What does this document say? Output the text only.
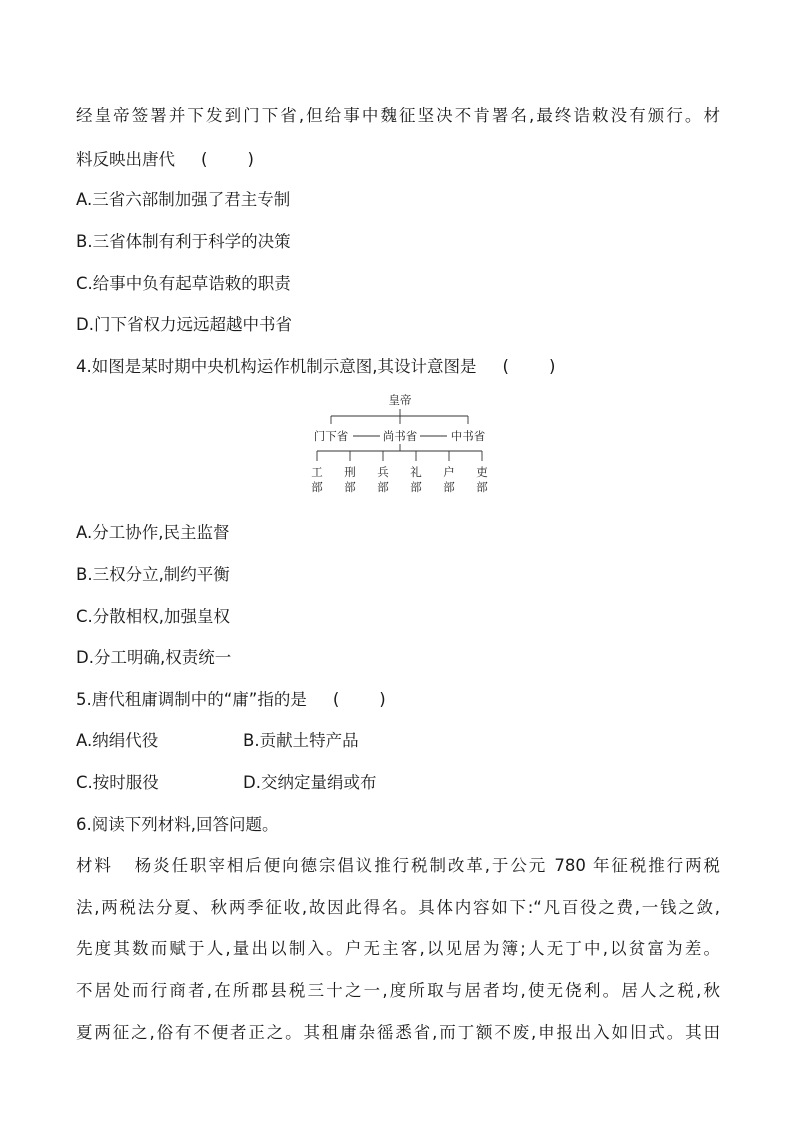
经皇帝签署并下发到门下省,但给事中魏征坚决不肯署名,最终诰敕没有颁行。材
料反映出唐代 ( )
A.三省六部制加强了君主专制
B.三省体制有利于科学的决策
C.给事中负有起草诰敕的职责
D.门下省权力远远超越中书省
4.如图是某时期中央机构运作机制示意图,其设计意图是 ( )
皇帝
门下省	尚书省	中书省
工
部
刑
部
兵
部
礼
部
户
部
吏
部
A.分工协作,民主监督
B.三权分立,制约平衡
C.分散相权,加强皇权
D.分工明确,权责统一
5.唐代租庸调制中的“庸”指的是 ( )
A.纳绢代役	B.贡献土特产品
C.按时服役	D.交纳定量绢或布
6.阅读下列材料,回答问题。
材料 杨炎任职宰相后便向德宗倡议推行税制改革,于公元 780 年征税推行两税
法,两税法分夏、秋两季征收,故因此得名。具体内容如下:“凡百役之费,一钱之敛,
先度其数而赋于人,量出以制入。户无主客,以见居为簿;人无丁中,以贫富为差。
不居处而行商者,在所郡县税三十之一,度所取与居者均,使无侥利。居人之税,秋
夏两征之,俗有不便者正之。其租庸杂徭悉省,而丁额不废,申报出入如旧式。其田
